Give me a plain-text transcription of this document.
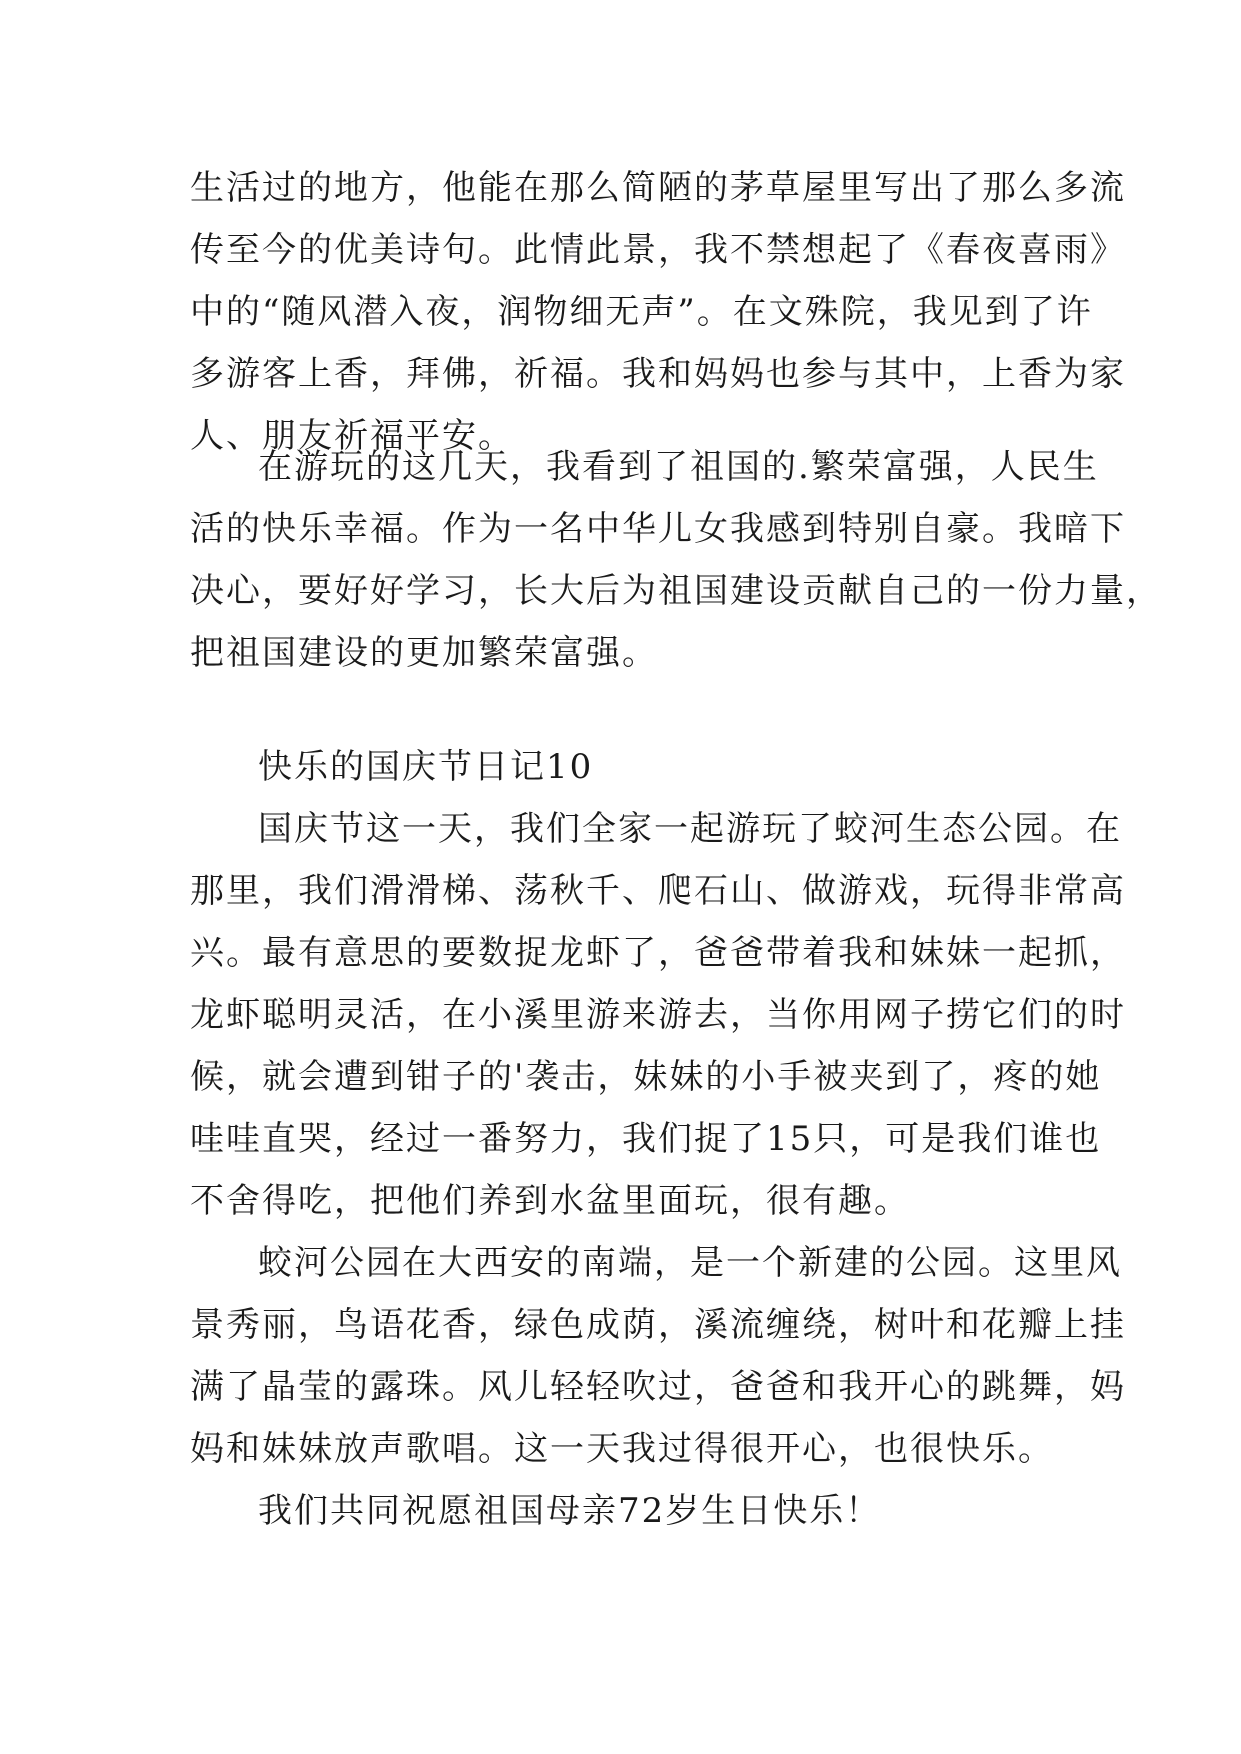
生活过的地方，他能在那么简陋的茅草屋里写出了那么多流
传至今的优美诗句。此情此景，我不禁想起了《春夜喜雨》
中的“随风潜入夜，润物细无声”。在文殊院，我见到了许
多游客上香，拜佛，祈福。我和妈妈也参与其中，上香为家
人、朋友祈福平安。
在游玩的这几天，我看到了祖国的.繁荣富强，人民生
活的快乐幸福。作为一名中华儿女我感到特别自豪。我暗下
决心，要好好学习，长大后为祖国建设贡献自己的一份力量，
把祖国建设的更加繁荣富强。
快乐的国庆节日记10
国庆节这一天，我们全家一起游玩了蛟河生态公园。在
那里，我们滑滑梯、荡秋千、爬石山、做游戏，玩得非常高
兴。最有意思的要数捉龙虾了，爸爸带着我和妹妹一起抓，
龙虾聪明灵活，在小溪里游来游去，当你用网子捞它们的时
候，就会遭到钳子的'袭击，妹妹的小手被夹到了，疼的她
哇哇直哭，经过一番努力，我们捉了15只，可是我们谁也
不舍得吃，把他们养到水盆里面玩，很有趣。
蛟河公园在大西安的南端，是一个新建的公园。这里风
景秀丽，鸟语花香，绿色成荫，溪流缠绕，树叶和花瓣上挂
满了晶莹的露珠。风儿轻轻吹过，爸爸和我开心的跳舞，妈
妈和妹妹放声歌唱。这一天我过得很开心，也很快乐。
我们共同祝愿祖国母亲72岁生日快乐！
